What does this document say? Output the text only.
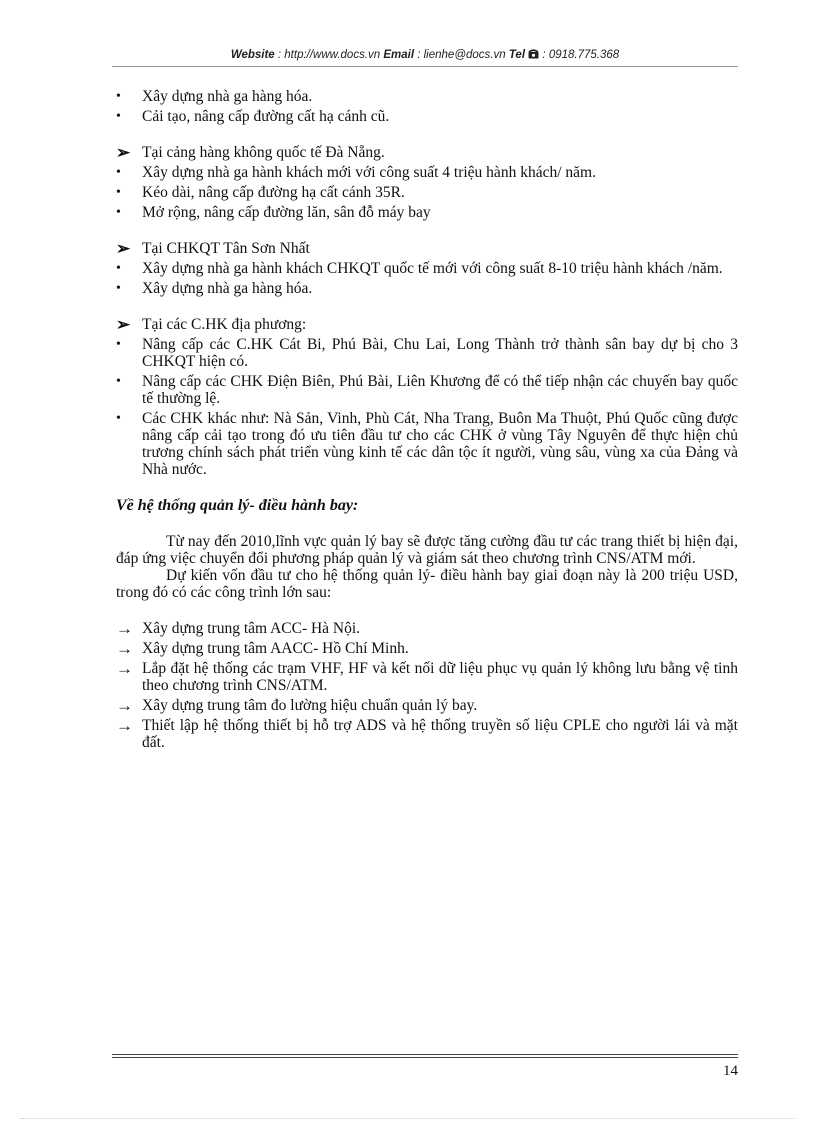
Website : http://www.docs.vn Email : lienhe@docs.vn Tel  : 0918.775.368
•	Xây dựng nhà ga hàng hóa.
•	Cải tạo, nâng cấp đường cất hạ cánh cũ.
➢ Tại cảng hàng không quốc tế Đà Nẵng.
•	Xây dựng nhà ga hành khách mới với công suất 4 triệu hành khách/ năm.
•	Kéo dài, nâng cấp đường hạ cất cánh 35R.
•	Mở rộng, nâng cấp đường lăn, sân đỗ máy bay
➢ Tại CHKQT Tân Sơn Nhất
•	Xây dựng nhà ga hành khách CHKQT quốc tế mới với công suất 8-10 triệu hành khách /năm.
•	Xây dựng nhà ga hàng hóa.
➢ Tại các C.HK địa phương:
•	Nâng cấp các C.HK Cát Bi, Phú Bài, Chu Lai, Long Thành trở thành sân bay dự bị cho 3 CHKQT hiện có.
•	Nâng cấp các CHK Điện Biên, Phú Bài, Liên Khương để có thể tiếp nhận các chuyến bay quốc tế thường lệ.
•	Các CHK khác như: Nà Sản, Vinh, Phù Cát, Nha Trang, Buôn Ma Thuột, Phú Quốc cũng được nâng cấp cải tạo trong đó ưu tiên đầu tư cho các CHK ở vùng Tây Nguyên để thực hiện chủ trương chính sách phát triển vùng kinh tế các dân tộc ít người, vùng sâu, vùng xa của Đảng và Nhà nước.
Về hệ thống quản lý- điều hành bay:
Từ nay đến 2010,lĩnh vực quản lý bay sẽ được tăng cường đầu tư các trang thiết bị hiện đại, đáp ứng việc chuyển đổi phương pháp quản lý và giám sát theo chương trình CNS/ATM mới.
Dự kiến vốn đầu tư cho hệ thống quản lý- điều hành bay giai đoạn này là 200 triệu USD, trong đó có các công trình lớn sau:
→ Xây dựng trung tâm ACC- Hà Nội.
→ Xây dựng trung tâm AACC- Hồ Chí Minh.
→ Lắp đặt hệ thống các trạm VHF, HF và kết nối dữ liệu phục vụ quản lý không lưu bằng vệ tinh theo chương trình CNS/ATM.
→ Xây dựng trung tâm đo lường hiệu chuẩn quản lý bay.
→ Thiết lập hệ thống thiết bị hỗ trợ ADS và hệ thống truyền số liệu CPLE cho người lái và mặt đất.
14
